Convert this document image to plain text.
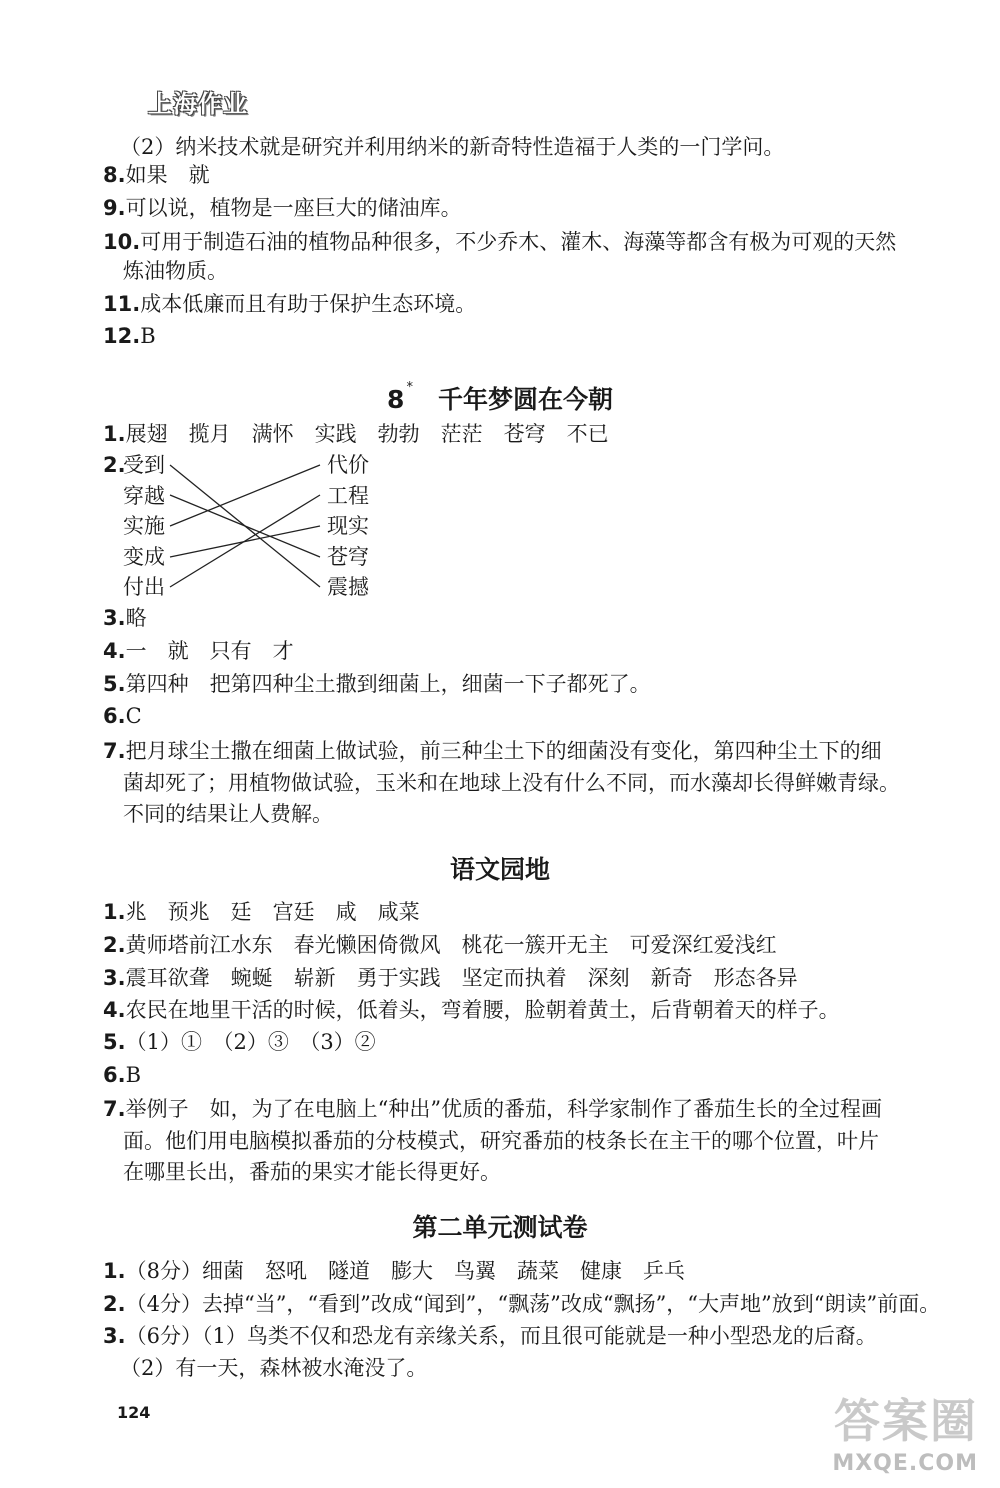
上海作业
（2）纳米技术就是研究并利用纳米的新奇特性造福于人类的一门学问。
8.如果　就
9.可以说，植物是一座巨大的储油库。
10.可用于制造石油的植物品种很多，不少乔木、灌木、海藻等都含有极为可观的天然
炼油物质。
11.成本低廉而且有助于保护生态环境。
12.B
8 *　 千年梦圆在今朝
1.展翅　揽月　满怀　实践　勃勃　茫茫　苍穹　不已
2.
受到
穿越
实施
变成
付出
代价
工程
现实
苍穹
震撼
3.略
4.一　就　只有　才
5.第四种　把第四种尘土撒到细菌上，细菌一下子都死了。
6.C
7.把月球尘土撒在细菌上做试验，前三种尘土下的细菌没有变化，第四种尘土下的细
菌却死了；用植物做试验，玉米和在地球上没有什么不同，而水藻却长得鲜嫩青绿。
不同的结果让人费解。
语文园地
1.兆　预兆　廷　宫廷　咸　咸菜
2.黄师塔前江水东　春光懒困倚微风　桃花一簇开无主　可爱深红爱浅红
3.震耳欲聋　蜿蜒　崭新　勇于实践　坚定而执着　深刻　新奇　形态各异
4.农民在地里干活的时候，低着头，弯着腰，脸朝着黄土，后背朝着天的样子。
5.（1）①　（2）③　（3）②
6.B
7.举例子　如，为了在电脑上“种出”优质的番茄，科学家制作了番茄生长的全过程画
面。他们用电脑模拟番茄的分枝模式，研究番茄的枝条长在主干的哪个位置，叶片
在哪里长出，番茄的果实才能长得更好。
第二单元测试卷
1.（8分）细菌　怒吼　隧道　膨大　鸟翼　蔬菜　健康　乒乓
2.（4分）去掉“当”，“看到”改成“闻到”，“飘荡”改成“飘扬”，“大声地”放到“朗读”前面。
3.（6分）（1）鸟类不仅和恐龙有亲缘关系，而且很可能就是一种小型恐龙的后裔。
（2）有一天，森林被水淹没了。
124	答案圈
MXQE.COM
